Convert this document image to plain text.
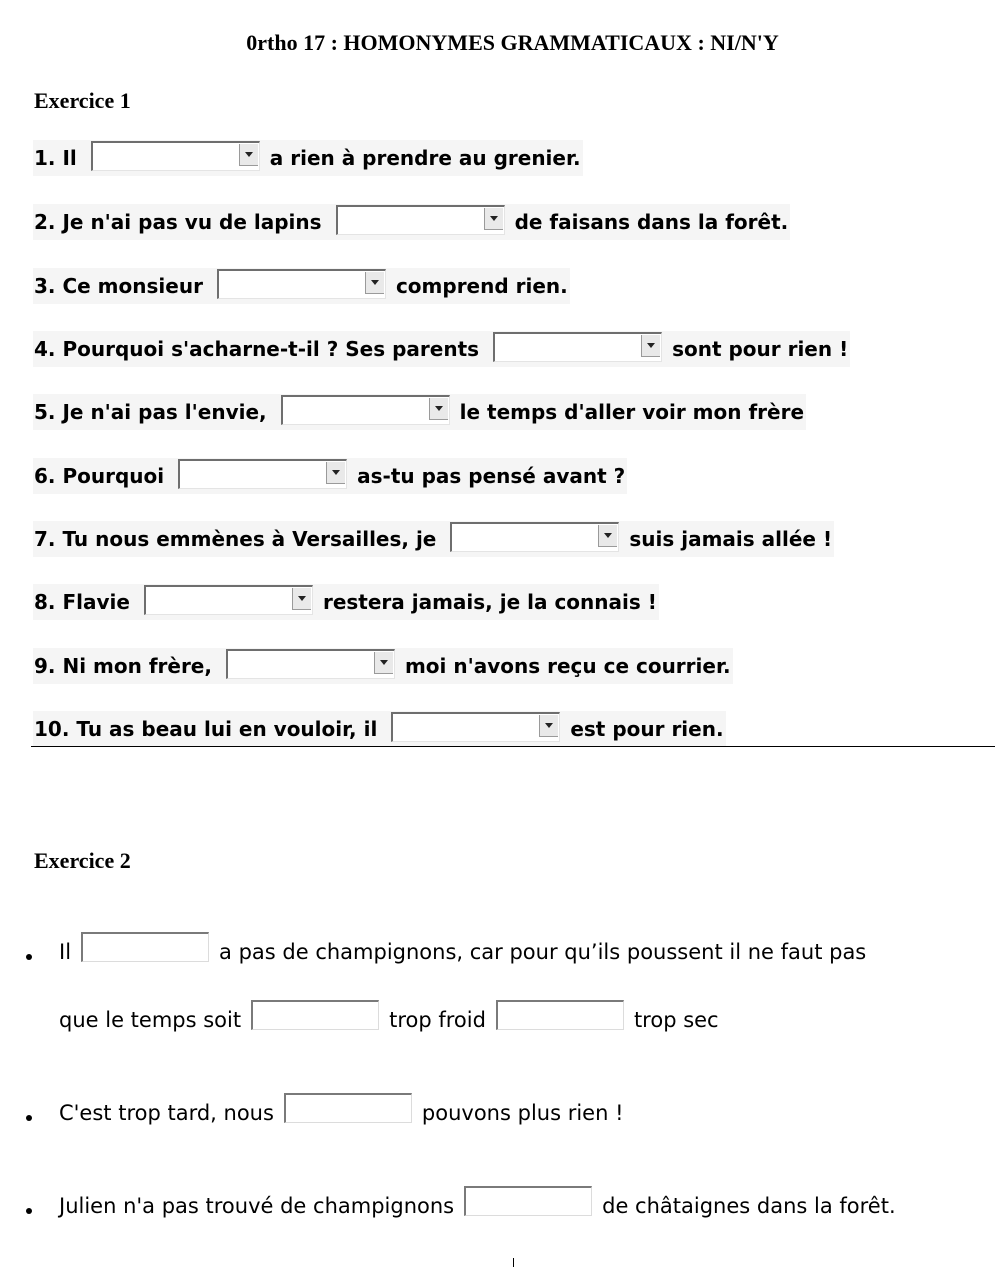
0rtho 17 : HOMONYMES GRAMMATICAUX : NI/N'Y
Exercice 1
1. Il	a rien à prendre au grenier.
2. Je n'ai pas vu de lapins	de faisans dans la forêt.
3. Ce monsieur	comprend rien.
4. Pourquoi s'acharne-t-il ? Ses parents	sont pour rien !
5. Je n'ai pas l'envie,	le temps d'aller voir mon frère
6. Pourquoi	as-tu pas pensé avant ?
7. Tu nous emmènes à Versailles, je	suis jamais allée !
8. Flavie	restera jamais, je la connais !
9. Ni mon frère,	moi n'avons reçu ce courrier.
10. Tu as beau lui en vouloir, il	est pour rien.
Exercice 2
Il	a pas de champignons, car pour qu’ils poussent il ne faut pas
que le temps soit	trop froid	trop sec
C'est trop tard, nous	pouvons plus rien !
Julien n'a pas trouvé de champignons	de châtaignes dans la forêt.
